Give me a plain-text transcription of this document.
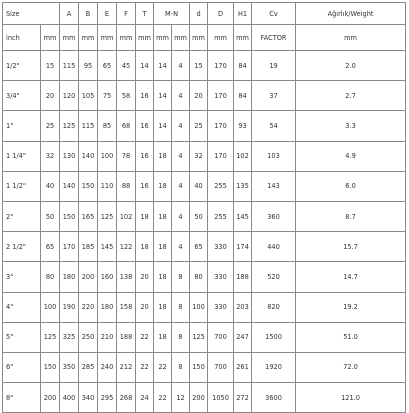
Size		A	B	E	F	T	M-N		d	D	H1	Cv	Ağırlık/Weight
inch	mm	mm	mm	mm	mm	mm	mm	mm	mm	mm	mm	FACTOR	mm
1/2"	15	115	95	65	45	14	14	4	15	170	84	19	2.0
3/4"	20	120	105	75	58	16	14	4	20	170	84	37	2.7
1"	25	125	115	85	68	16	14	4	25	170	93	54	3.3
1 1/4"	32	130	140	100	78	16	18	4	32	170	102	103	4.9
1 1/2"	40	140	150	110	88	16	18	4	40	255	135	143	6.0
2"	50	150	165	125	102	18	18	4	50	255	145	360	8.7
2 1/2"	65	170	185	145	122	18	18	4	65	330	174	440	15.7
3"	80	180	200	160	138	20	18	8	80	330	188	520	14.7
4"	100	190	220	180	158	20	18	8	100	330	203	820	19.2
5"	125	325	250	210	188	22	18	8	125	700	247	1500	51.0
6"	150	350	285	240	212	22	22	8	150	700	261	1920	72.0
8"	200	400	340	295	268	24	22	12	200	1050	272	3600	121.0
